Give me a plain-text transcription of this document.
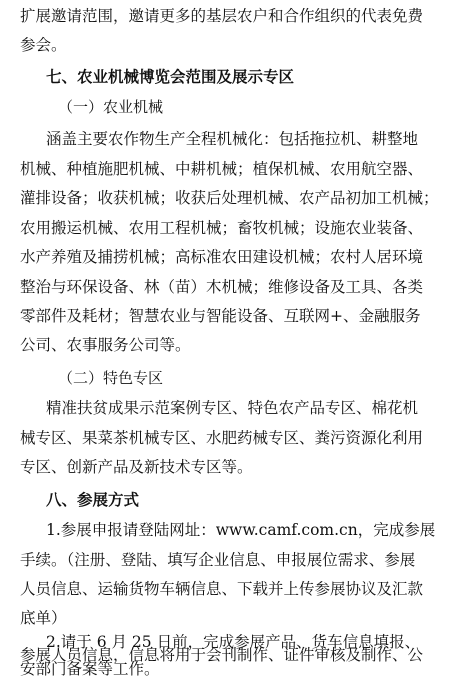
扩展邀请范围，邀请更多的基层农户和合作组织的代表免费
参会。
七、农业机械博览会范围及展示专区
（一）农业机械
涵盖主要农作物生产全程机械化：包括拖拉机、耕整地
机械、种植施肥机械、中耕机械；植保机械、农用航空器、
灌排设备；收获机械；收获后处理机械、农产品初加工机械；
农用搬运机械、农用工程机械；畜牧机械；设施农业装备、
水产养殖及捕捞机械；高标准农田建设机械；农村人居环境
整治与环保设备、林（苗）木机械；维修设备及工具、各类
零部件及耗材；智慧农业与智能设备、互联网+、金融服务
公司、农事服务公司等。
（二）特色专区
精准扶贫成果示范案例专区、特色农产品专区、棉花机
械专区、果菜茶机械专区、水肥药械专区、粪污资源化利用
专区、创新产品及新技术专区等。
八、参展方式
1.参展申报请登陆网址：www.camf.com.cn，完成参展
手续。（注册、登陆、填写企业信息、申报展位需求、参展
人员信息、运输货物车辆信息、下载并上传参展协议及汇款
底单）
2.请于 6 月 25 日前，完成参展产品、货车信息填报、
参展人员信息，信息将用于会刊制作、证件审核及制作、公
安部门备案等工作。
